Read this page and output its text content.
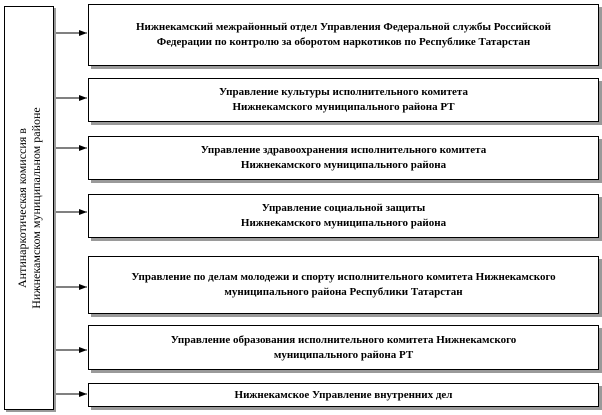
Антинаркотическая комиссия в Нижнекамском муниципальном районе
Нижнекамский межрайонный отдел Управления Федеральной службы Российской
Федерации по контролю за оборотом наркотиков по Республике Татарстан
Управление культуры исполнительного комитета
Нижнекамского муниципального района РТ
Управление здравоохранения исполнительного комитета
Нижнекамского муниципального района
Управление социальной защиты
Нижнекамского муниципального района
Управление по делам молодежи и спорту исполнительного комитета Нижнекамского
муниципального района Республики Татарстан
Управление образования исполнительного комитета Нижнекамского
муниципального района РТ
Нижнекамское Управление внутренних дел
